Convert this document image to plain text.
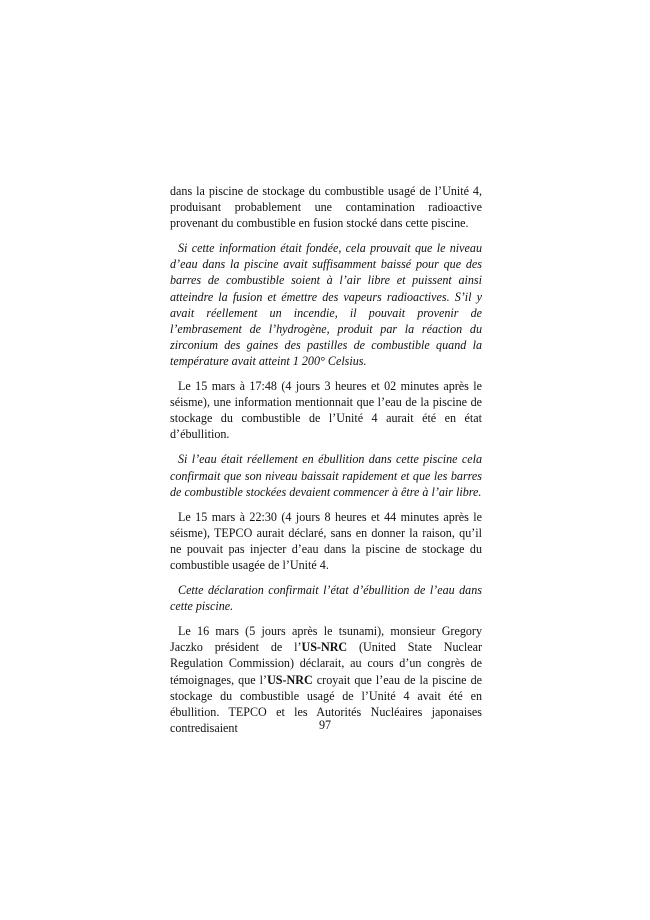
dans la piscine de stockage du combustible usagé de l’Unité 4, produisant probablement une contamination radioactive provenant du combustible en fusion stocké dans cette piscine.

Si cette information était fondée, cela prouvait que le niveau d’eau dans la piscine avait suffisamment baissé pour que des barres de combustible soient à l’air libre et puissent ainsi atteindre la fusion et émettre des vapeurs radioactives. S’il y avait réellement un incendie, il pouvait provenir de l’embrasement de l’hydrogène, produit par la réaction du zirconium des gaines des pastilles de combustible quand la température avait atteint 1 200° Celsius.

Le 15 mars à 17:48 (4 jours 3 heures et 02 minutes après le séisme), une information mentionnait que l’eau de la piscine de stockage du combustible de l’Unité 4 aurait été en état d’ébullition.

Si l’eau était réellement en ébullition dans cette piscine cela confirmait que son niveau baissait rapidement et que les barres de combustible stockées devaient commencer à être à l’air libre.

Le 15 mars à 22:30 (4 jours 8 heures et 44 minutes après le séisme), TEPCO aurait déclaré, sans en donner la raison, qu’il ne pouvait pas injecter d’eau dans la piscine de stockage du combustible usagée de l’Unité 4.

Cette déclaration confirmait l’état d’ébullition de l’eau dans cette piscine.

Le 16 mars (5 jours après le tsunami), monsieur Gregory Jaczko président de l’US-NRC (United State Nuclear Regulation Commission) déclarait, au cours d’un congrès de témoignages, que l’US-NRC croyait que l’eau de la piscine de stockage du combustible usagé de l’Unité 4 avait été en ébullition. TEPCO et les Autorités Nucléaires japonaises contredisaient	97
